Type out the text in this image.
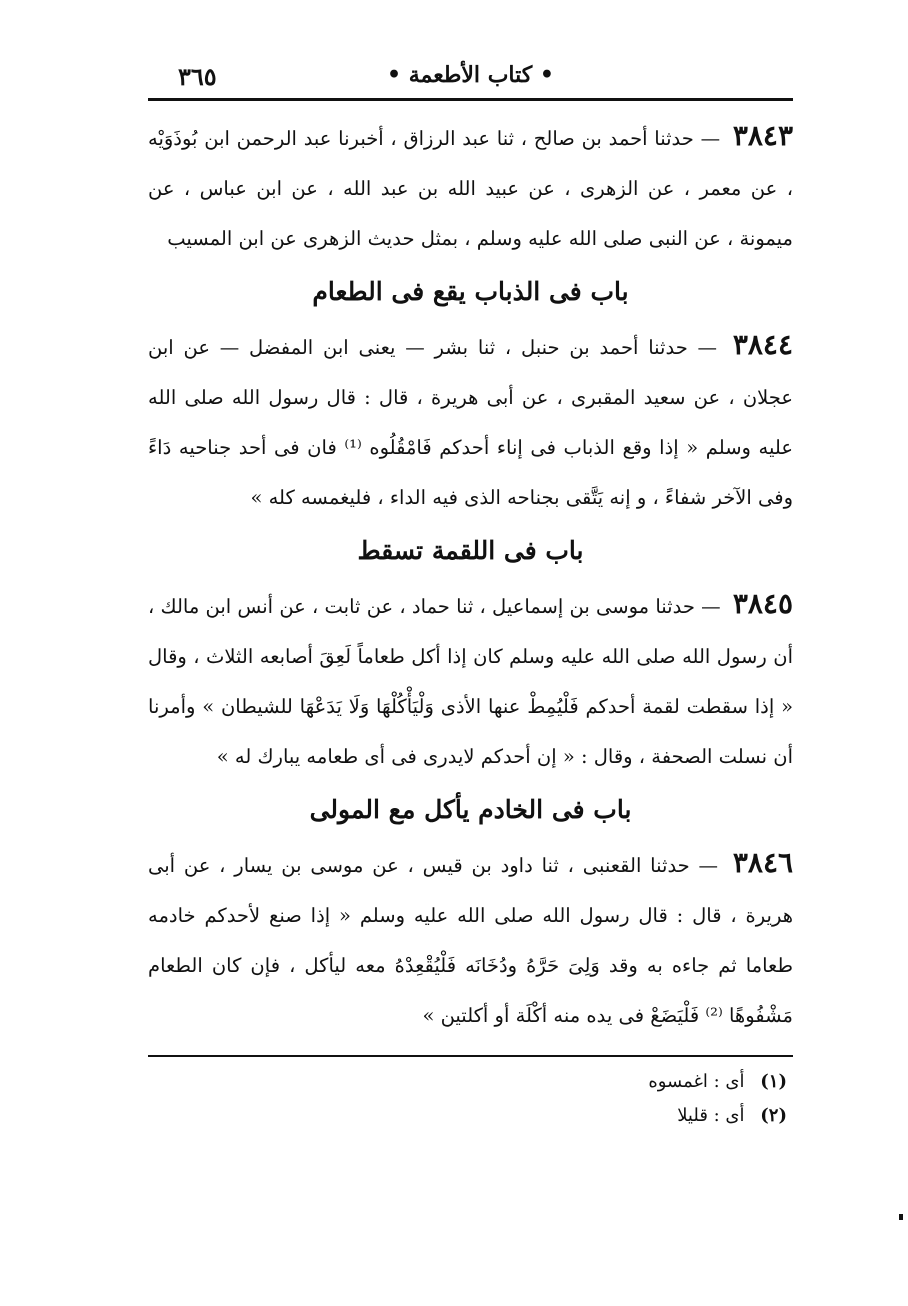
• كتاب الأطعمة •
٣٦٥

٣٨٤٣ — حدثنا أحمد بن صالح ، ثنا عبد الرزاق ، أخبرنا عبد الرحمن ابن بُوذَوَيْه ، عن معمر ، عن الزهرى ، عن عبيد الله بن عبد الله ، عن ابن عباس ، عن ميمونة ، عن النبى صلى الله عليه وسلم ، بمثل حديث الزهرى عن ابن المسيب

باب فى الذباب يقع فى الطعام

٣٨٤٤ — حدثنا أحمد بن حنبل ، ثنا بشر — يعنى ابن المفضل — عن ابن عجلان ، عن سعيد المقبرى ، عن أبى هريرة ، قال : قال رسول الله صلى الله عليه وسلم « إذا وقع الذباب فى إناء أحدكم فَامْقُلُوه ⁽¹⁾ فان فى أحد جناحيه دَاءً وفى الآخر شفاءً ، و إنه يَتَّقى بجناحه الذى فيه الداء ، فليغمسه كله »

باب فى اللقمة تسقط

٣٨٤٥ — حدثنا موسى بن إسماعيل ، ثنا حماد ، عن ثابت ، عن أنس ابن مالك ، أن رسول الله صلى الله عليه وسلم كان إذا أكل طعاماً لَعِقَ أصابعه الثلاث ، وقال « إذا سقطت لقمة أحدكم فَلْيُمِطْ عنها الأذى وَلْيَأْكُلْهَا وَلَا يَدَعْهَا للشيطان » وأمرنا أن نسلت الصحفة ، وقال : « إن أحدكم لايدرى فى أى طعامه يبارك له »

باب فى الخادم يأكل مع المولى

٣٨٤٦ — حدثنا القعنبى ، ثنا داود بن قيس ، عن موسى بن يسار ، عن أبى هريرة ، قال : قال رسول الله صلى الله عليه وسلم « إذا صنع لأحدكم خادمه طعاما ثم جاءه به وقد وَلِىَ حَرَّهُ ودُخَانَه فَلْيُقْعِدْهُ معه ليأكل ، فإن كان الطعام مَشْفُوهًا ⁽²⁾ فَلْيَضَعْ فى يده منه أكْلَة أو أكلتين »

(١) أى : اغمسوه
(٢) أى : قليلا
